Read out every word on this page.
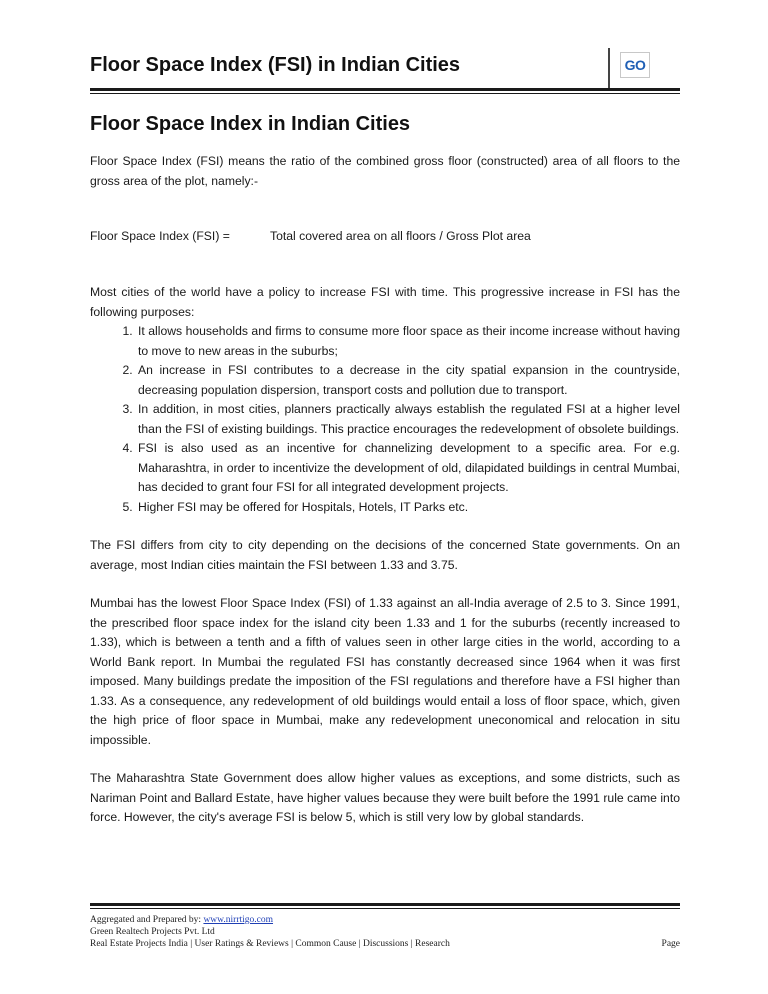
Floor Space Index (FSI) in Indian Cities	GO
Floor Space Index in Indian Cities

Floor Space Index (FSI) means the ratio of the combined gross floor (constructed) area of all floors to the gross area of the plot, namely:-

Floor Space Index (FSI) =	Total covered area on all floors / Gross Plot area

Most cities of the world have a policy to increase FSI with time. This progressive increase in FSI has the following purposes:

1. It allows households and firms to consume more floor space as their income increase without having to move to new areas in the suburbs;
2. An increase in FSI contributes to a decrease in the city spatial expansion in the countryside, decreasing population dispersion, transport costs and pollution due to transport.
3. In addition, in most cities, planners practically always establish the regulated FSI at a higher level than the FSI of existing buildings. This practice encourages the redevelopment of obsolete buildings.
4. FSI is also used as an incentive for channelizing development to a specific area. For e.g. Maharashtra, in order to incentivize the development of old, dilapidated buildings in central Mumbai, has decided to grant four FSI for all integrated development projects.
5. Higher FSI may be offered for Hospitals, Hotels, IT Parks etc.

The FSI differs from city to city depending on the decisions of the concerned State governments. On an average, most Indian cities maintain the FSI between 1.33 and 3.75.

Mumbai has the lowest Floor Space Index (FSI) of 1.33 against an all-India average of 2.5 to 3. Since 1991, the prescribed floor space index for the island city been 1.33 and 1 for the suburbs (recently increased to 1.33), which is between a tenth and a fifth of values seen in other large cities in the world, according to a World Bank report. In Mumbai the regulated FSI has constantly decreased since 1964 when it was first imposed. Many buildings predate the imposition of the FSI regulations and therefore have a FSI higher than 1.33. As a consequence, any redevelopment of old buildings would entail a loss of floor space, which, given the high price of floor space in Mumbai, make any redevelopment uneconomical and relocation in situ impossible.

The Maharashtra State Government does allow higher values as exceptions, and some districts, such as Nariman Point and Ballard Estate, have higher values because they were built before the 1991 rule came into force. However, the city's average FSI is below 5, which is still very low by global standards.

Aggregated and Prepared by: www.nirrtigo.com
Green Realtech Projects Pvt. Ltd
Real Estate Projects India | User Ratings & Reviews | Common Cause | Discussions | Research	Page
